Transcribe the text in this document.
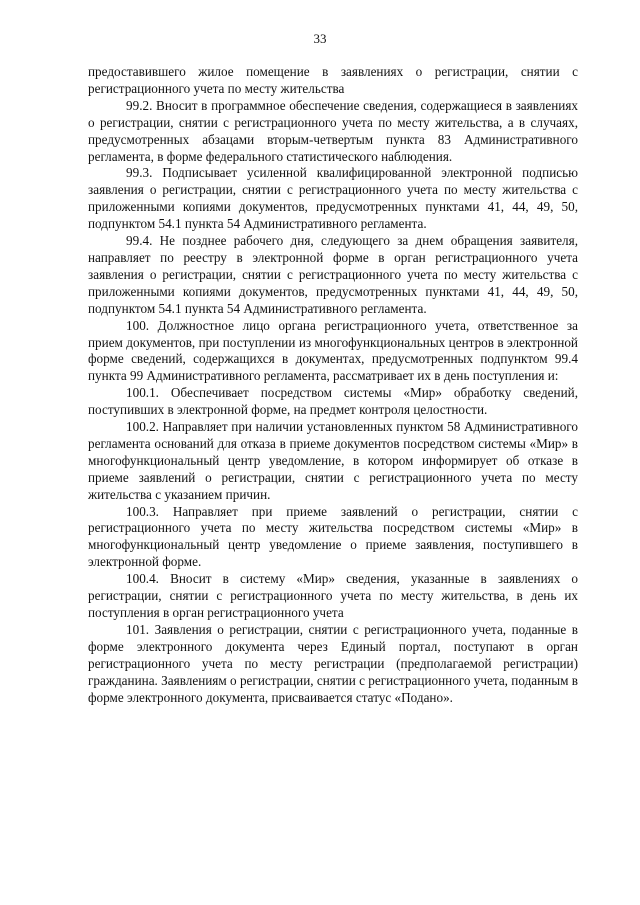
33

предоставившего жилое помещение в заявлениях о регистрации, снятии с регистрационного учета по месту жительства

99.2. Вносит в программное обеспечение сведения, содержащиеся в заявлениях о регистрации, снятии с регистрационного учета по месту жительства, а в случаях, предусмотренных абзацами вторым-четвертым пункта 83 Административного регламента, в форме федерального статистического наблюдения.

99.3. Подписывает усиленной квалифицированной электронной подписью заявления о регистрации, снятии с регистрационного учета по месту жительства с приложенными копиями документов, предусмотренных пунктами 41, 44, 49, 50, подпунктом 54.1 пункта 54 Административного регламента.

99.4. Не позднее рабочего дня, следующего за днем обращения заявителя, направляет по реестру в электронной форме в орган регистрационного учета заявления о регистрации, снятии с регистрационного учета по месту жительства с приложенными копиями документов, предусмотренных пунктами 41, 44, 49, 50, подпунктом 54.1 пункта 54 Административного регламента.

100. Должностное лицо органа регистрационного учета, ответственное за прием документов, при поступлении из многофункциональных центров в электронной форме сведений, содержащихся в документах, предусмотренных подпунктом 99.4 пункта 99 Административного регламента, рассматривает их в день поступления и:

100.1. Обеспечивает посредством системы «Мир» обработку сведений, поступивших в электронной форме, на предмет контроля целостности.

100.2. Направляет при наличии установленных пунктом 58 Административного регламента оснований для отказа в приеме документов посредством системы «Мир» в многофункциональный центр уведомление, в котором информирует об отказе в приеме заявлений о регистрации, снятии с регистрационного учета по месту жительства с указанием причин.

100.3. Направляет при приеме заявлений о регистрации, снятии с регистрационного учета по месту жительства посредством системы «Мир» в многофункциональный центр уведомление о приеме заявления, поступившего в электронной форме.

100.4. Вносит в систему «Мир» сведения, указанные в заявлениях о регистрации, снятии с регистрационного учета по месту жительства, в день их поступления в орган регистрационного учета

101. Заявления о регистрации, снятии с регистрационного учета, поданные в форме электронного документа через Единый портал, поступают в орган регистрационного учета по месту регистрации (предполагаемой регистрации) гражданина. Заявлениям о регистрации, снятии с регистрационного учета, поданным в форме электронного документа, присваивается статус «Подано».
